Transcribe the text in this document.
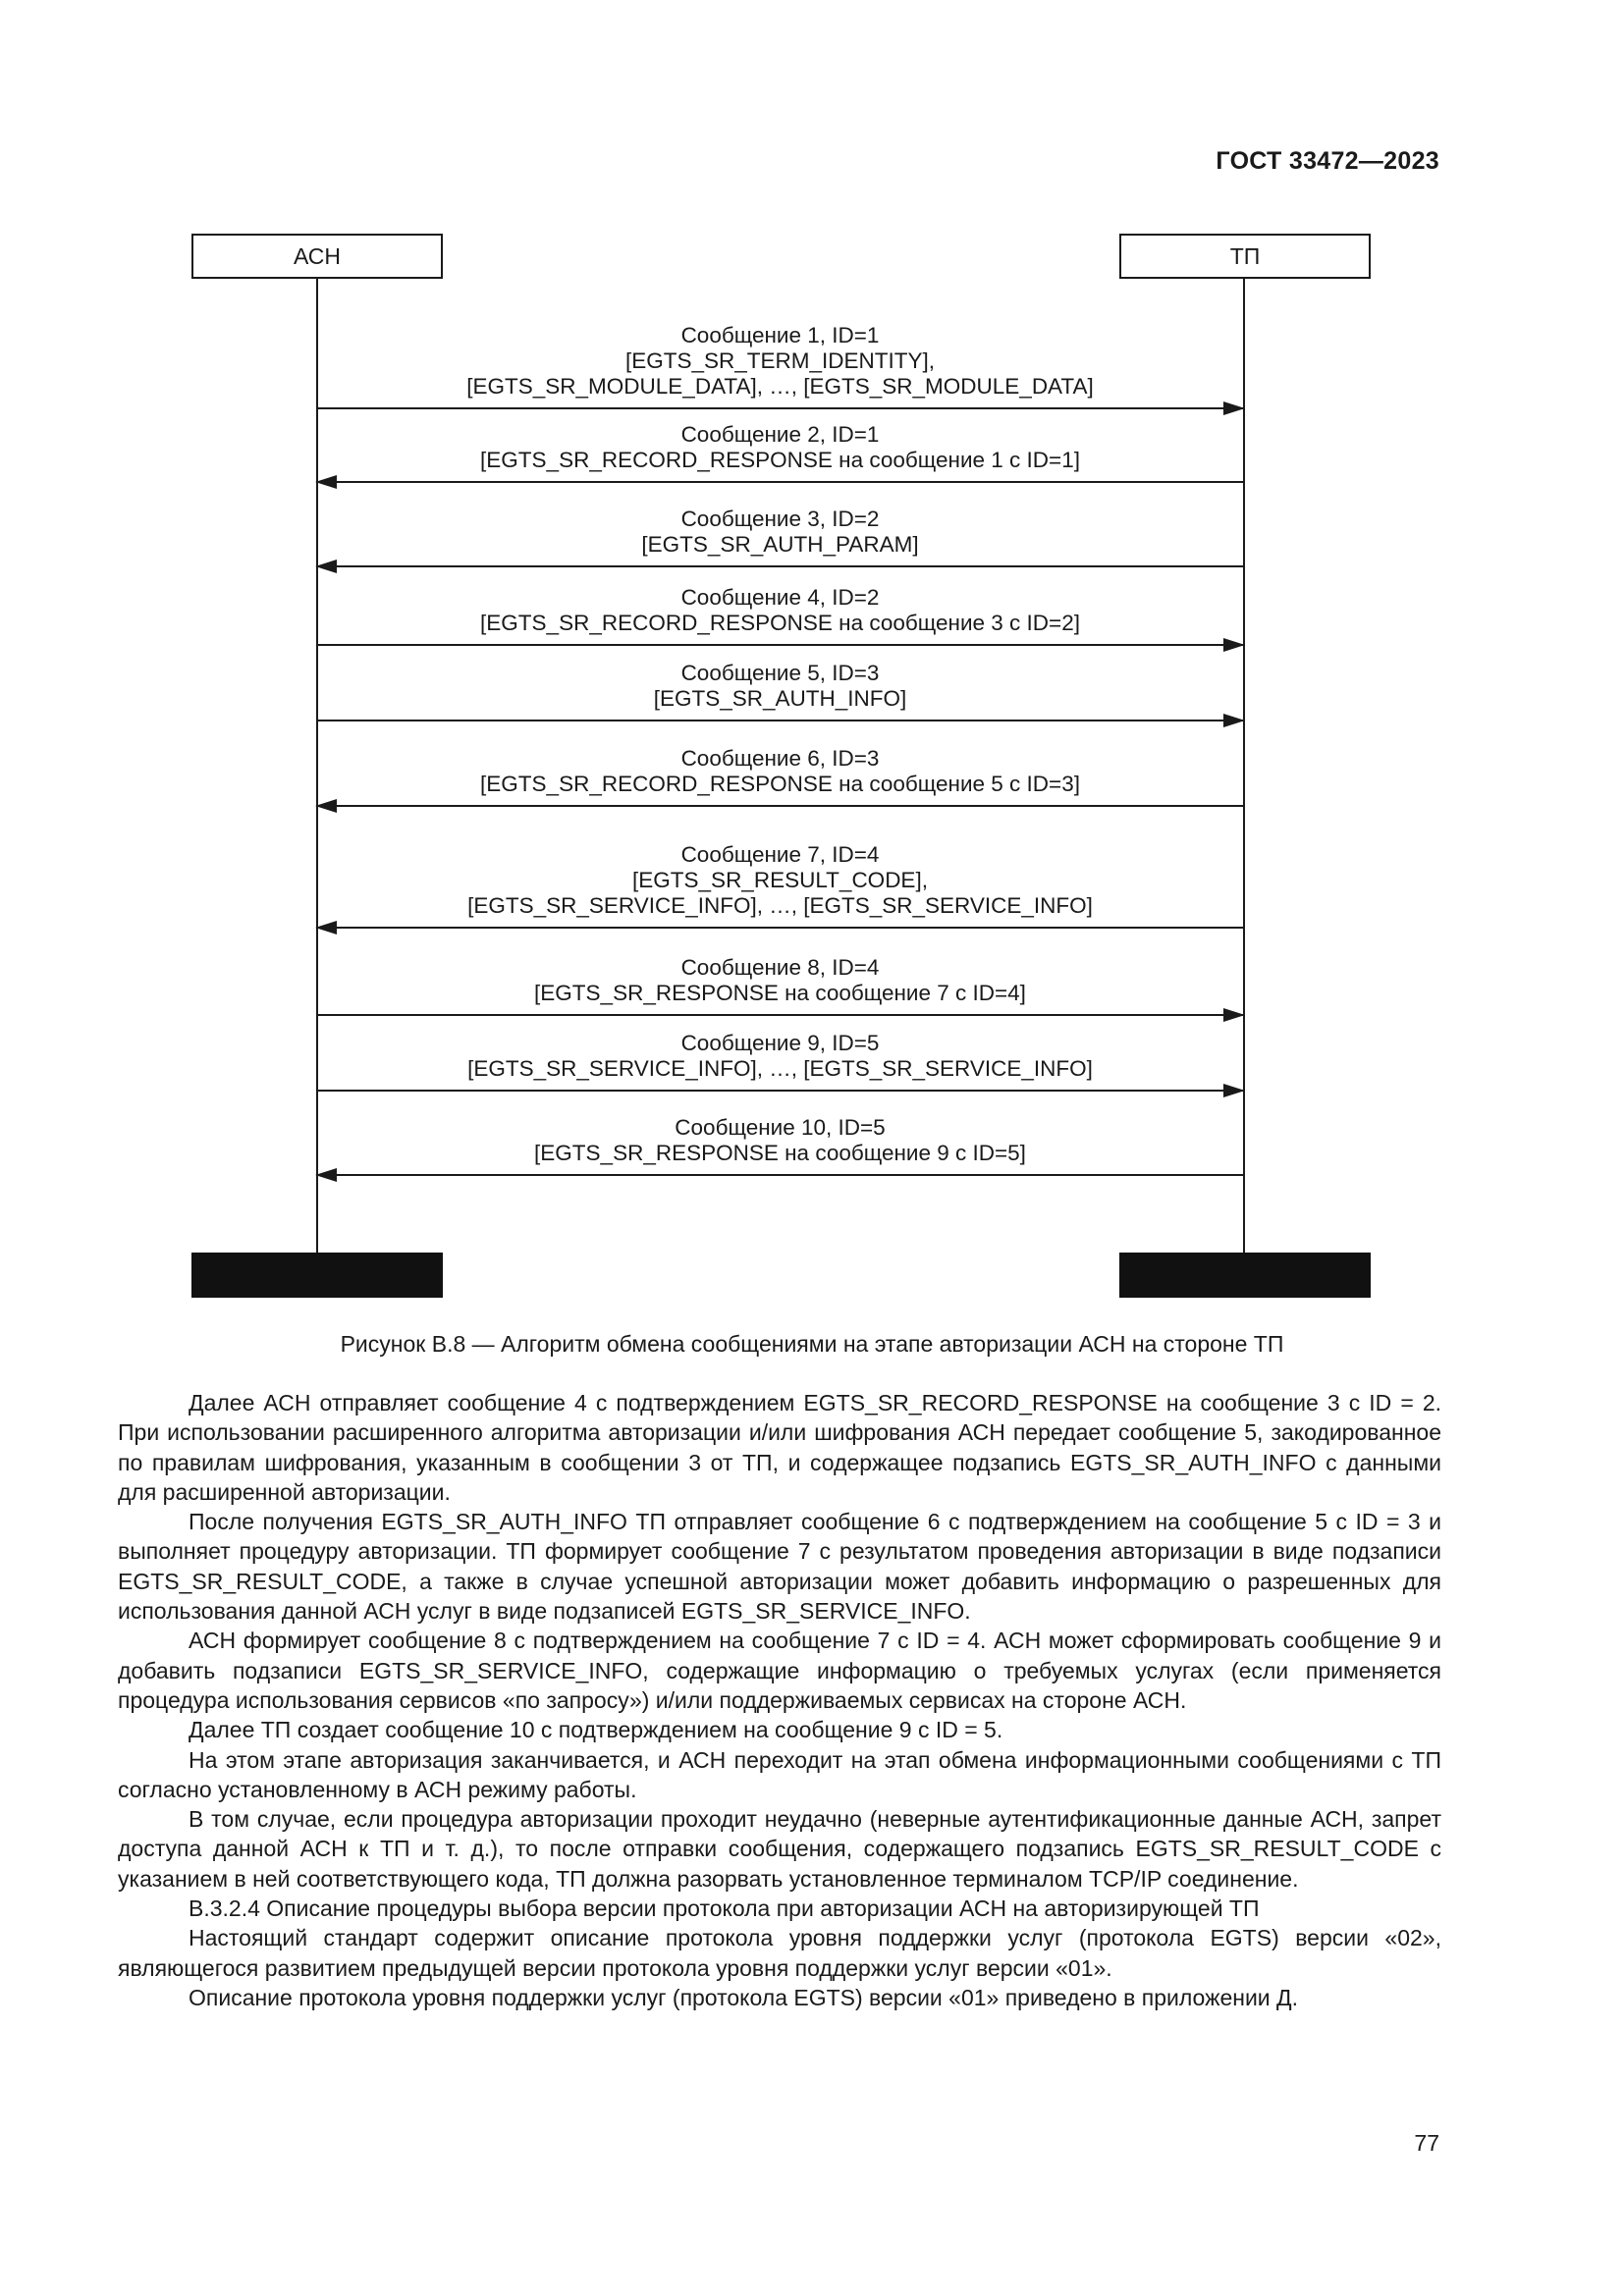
ГОСТ 33472—2023
АСН	ТП
Сообщение 1, ID=1
[EGTS_SR_TERM_IDENTITY],
[EGTS_SR_MODULE_DATA], …, [EGTS_SR_MODULE_DATA]
Сообщение 2, ID=1
[EGTS_SR_RECORD_RESPONSE на сообщение 1 с ID=1]
Сообщение 3, ID=2
[EGTS_SR_AUTH_PARAM]
Сообщение 4, ID=2
[EGTS_SR_RECORD_RESPONSE на сообщение 3 с ID=2]
Сообщение 5, ID=3
[EGTS_SR_AUTH_INFO]
Сообщение 6, ID=3
[EGTS_SR_RECORD_RESPONSE на сообщение 5 с ID=3]
Сообщение 7, ID=4
[EGTS_SR_RESULT_CODE],
[EGTS_SR_SERVICE_INFO], …, [EGTS_SR_SERVICE_INFO]
Сообщение 8, ID=4
[EGTS_SR_RESPONSE на сообщение 7 с ID=4]
Сообщение 9, ID=5
[EGTS_SR_SERVICE_INFO], …, [EGTS_SR_SERVICE_INFO]
Сообщение 10, ID=5
[EGTS_SR_RESPONSE на сообщение 9 с ID=5]
Рисунок В.8 — Алгоритм обмена сообщениями на этапе авторизации АСН на стороне ТП

Далее АСН отправляет сообщение 4 с подтверждением EGTS_SR_RECORD_RESPONSE на сообщение 3 с ID = 2. При использовании расширенного алгоритма авторизации и/или шифрования АСН передает сообщение 5, закодированное по правилам шифрования, указанным в сообщении 3 от ТП, и содержащее подзапись EGTS_SR_AUTH_INFO с данными для расширенной авторизации.

После получения EGTS_SR_AUTH_INFO ТП отправляет сообщение 6 с подтверждением на сообщение 5 с ID = 3 и выполняет процедуру авторизации. ТП формирует сообщение 7 с результатом проведения авторизации в виде подзаписи EGTS_SR_RESULT_CODE, а также в случае успешной авторизации может добавить информацию о разрешенных для использования данной АСН услуг в виде подзаписей EGTS_SR_SERVICE_INFO.

АСН формирует сообщение 8 с подтверждением на сообщение 7 с ID = 4. АСН может сформировать сообщение 9 и добавить подзаписи EGTS_SR_SERVICE_INFO, содержащие информацию о требуемых услугах (если применяется процедура использования сервисов «по запросу») и/или поддерживаемых сервисах на стороне АСН.

Далее ТП создает сообщение 10 с подтверждением на сообщение 9 с ID = 5.

На этом этапе авторизация заканчивается, и АСН переходит на этап обмена информационными сообщениями с ТП согласно установленному в АСН режиму работы.

В том случае, если процедура авторизации проходит неудачно (неверные аутентификационные данные АСН, запрет доступа данной АСН к ТП и т. д.), то после отправки сообщения, содержащего подзапись EGTS_SR_RESULT_CODE с указанием в ней соответствующего кода, ТП должна разорвать установленное терминалом TCP/IP соединение.

В.3.2.4 Описание процедуры выбора версии протокола при авторизации АСН на авторизирующей ТП

Настоящий стандарт содержит описание протокола уровня поддержки услуг (протокола EGTS) версии «02», являющегося развитием предыдущей версии протокола уровня поддержки услуг версии «01».

Описание протокола уровня поддержки услуг (протокола EGTS) версии «01» приведено в приложении Д.

77
